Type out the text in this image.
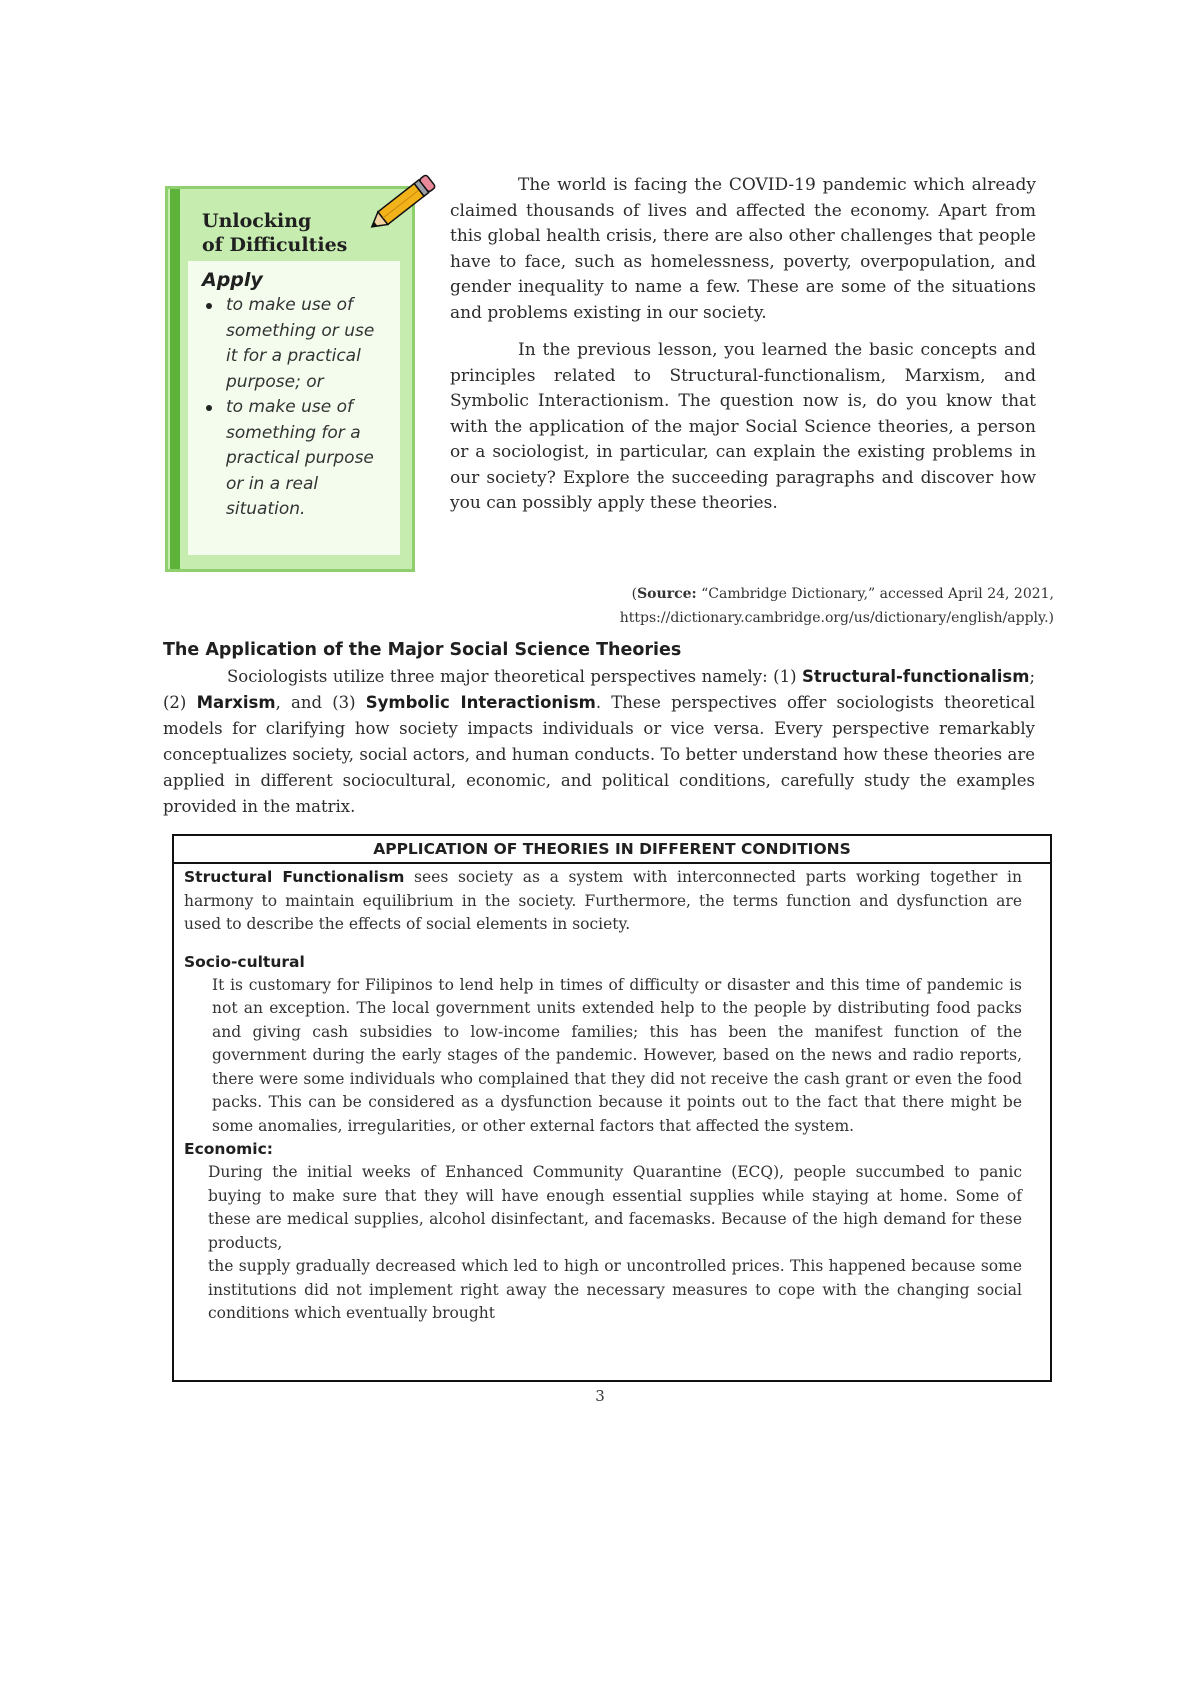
Unlocking
of Difficulties
Apply
to make use of something or use it for a practical purpose; or
to make use of something for a practical purpose or in a real situation.

The world is facing the COVID-19 pandemic which already claimed thousands of lives and affected the economy. Apart from this global health crisis, there are also other challenges that people have to face, such as homelessness, poverty, overpopulation, and gender inequality to name a few. These are some of the situations and problems existing in our society.

In the previous lesson, you learned the basic concepts and principles related to Structural-functionalism, Marxism, and Symbolic Interactionism. The question now is, do you know that with the application of the major Social Science theories, a person or a sociologist, in particular, can explain the existing problems in our society? Explore the succeeding paragraphs and discover how you can possibly apply these theories.

(Source: “Cambridge Dictionary,” accessed April 24, 2021,
https://dictionary.cambridge.org/us/dictionary/english/apply.)
The Application of the Major Social Science Theories

Sociologists utilize three major theoretical perspectives namely: (1) Structural-functionalism; (2) Marxism, and (3) Symbolic Interactionism. These perspectives offer sociologists theoretical models for clarifying how society impacts individuals or vice versa. Every perspective remarkably conceptualizes society, social actors, and human conducts. To better understand how these theories are applied in different sociocultural, economic, and political conditions, carefully study the examples provided in the matrix.

APPLICATION OF THEORIES IN DIFFERENT CONDITIONS

Structural Functionalism sees society as a system with interconnected parts working together in harmony to maintain equilibrium in the society. Furthermore, the terms function and dysfunction are used to describe the effects of social elements in society.

Socio-cultural

It is customary for Filipinos to lend help in times of difficulty or disaster and this time of pandemic is not an exception. The local government units extended help to the people by distributing food packs and giving cash subsidies to low-income families; this has been the manifest function of the government during the early stages of the pandemic. However, based on the news and radio reports, there were some individuals who complained that they did not receive the cash grant or even the food packs. This can be considered as a dysfunction because it points out to the fact that there might be some anomalies, irregularities, or other external factors that affected the system.

Economic:

During the initial weeks of Enhanced Community Quarantine (ECQ), people succumbed to panic buying to make sure that they will have enough essential supplies while staying at home. Some of these are medical supplies, alcohol disinfectant, and facemasks. Because of the high demand for these products,

the supply gradually decreased which led to high or uncontrolled prices. This happened because some institutions did not implement right away the necessary measures to cope with the changing social conditions which eventually brought

3
